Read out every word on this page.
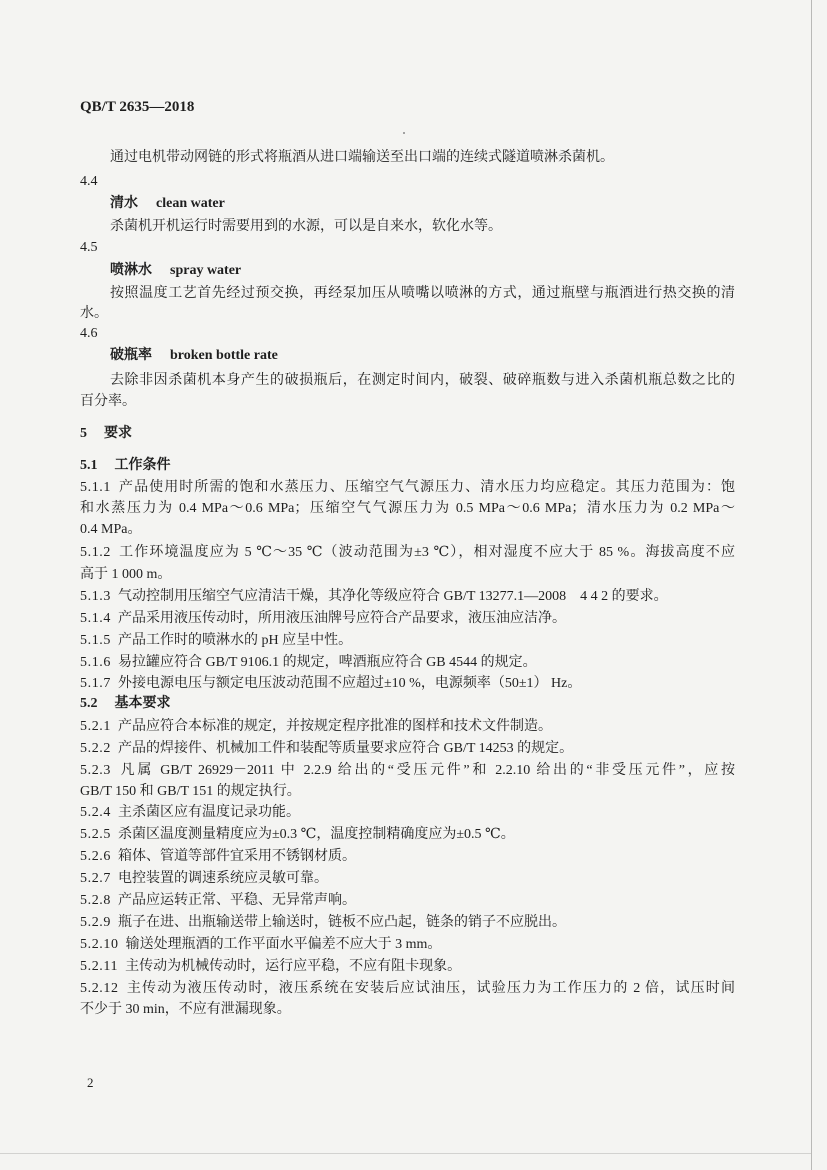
QB/T 2635—2018
通过电机带动网链的形式将瓶酒从进口端输送至出口端的连续式隧道喷淋杀菌机。
4.4
清水 clean water
杀菌机开机运行时需要用到的水源，可以是自来水，软化水等。
4.5
喷淋水 spray water
按照温度工艺首先经过预交换，再经泵加压从喷嘴以喷淋的方式，通过瓶壁与瓶酒进行热交换的清
水。
4.6
破瓶率 broken bottle rate
去除非因杀菌机本身产生的破损瓶后，在测定时间内，破裂、破碎瓶数与进入杀菌机瓶总数之比的
百分率。
5 要求
5.1 工作条件
5.1.1 产品使用时所需的饱和水蒸压力、压缩空气气源压力、清水压力均应稳定。其压力范围为：饱
和水蒸压力为 0.4 MPa～0.6 MPa；压缩空气气源压力为 0.5 MPa～0.6 MPa；清水压力为 0.2 MPa～
0.4 MPa。
5.1.2 工作环境温度应为 5 ℃～35 ℃（波动范围为±3 ℃），相对湿度不应大于 85 %。海拔高度不应
高于 1 000 m。
5.1.3 气动控制用压缩空气应清洁干燥，其净化等级应符合 GB/T 13277.1—2008　4 4 2 的要求。
5.1.4 产品采用液压传动时，所用液压油牌号应符合产品要求，液压油应洁净。
5.1.5 产品工作时的喷淋水的 pH 应呈中性。
5.1.6 易拉罐应符合 GB/T 9106.1 的规定，啤酒瓶应符合 GB 4544 的规定。
5.1.7 外接电源电压与额定电压波动范围不应超过±10 %，电源频率（50±1） Hz。
5.2 基本要求
5.2.1 产品应符合本标准的规定，并按规定程序批准的图样和技术文件制造。
5.2.2 产品的焊接件、机械加工件和装配等质量要求应符合 GB/T 14253 的规定。
5.2.3 凡属 GB/T 26929－2011 中 2.2.9 给出的“受压元件”和 2.2.10 给出的“非受压元件”，应按
GB/T 150 和 GB/T 151 的规定执行。
5.2.4 主杀菌区应有温度记录功能。
5.2.5 杀菌区温度测量精度应为±0.3 ℃，温度控制精确度应为±0.5 ℃。
5.2.6 箱体、管道等部件宜采用不锈钢材质。
5.2.7 电控装置的调速系统应灵敏可靠。
5.2.8 产品应运转正常、平稳、无异常声响。
5.2.9 瓶子在进、出瓶输送带上输送时，链板不应凸起，链条的销子不应脱出。
5.2.10 输送处理瓶酒的工作平面水平偏差不应大于 3 mm。
5.2.11 主传动为机械传动时，运行应平稳，不应有阻卡现象。
5.2.12 主传动为液压传动时，液压系统在安装后应试油压，试验压力为工作压力的 2 倍，试压时间
不少于 30 min，不应有泄漏现象。
2
